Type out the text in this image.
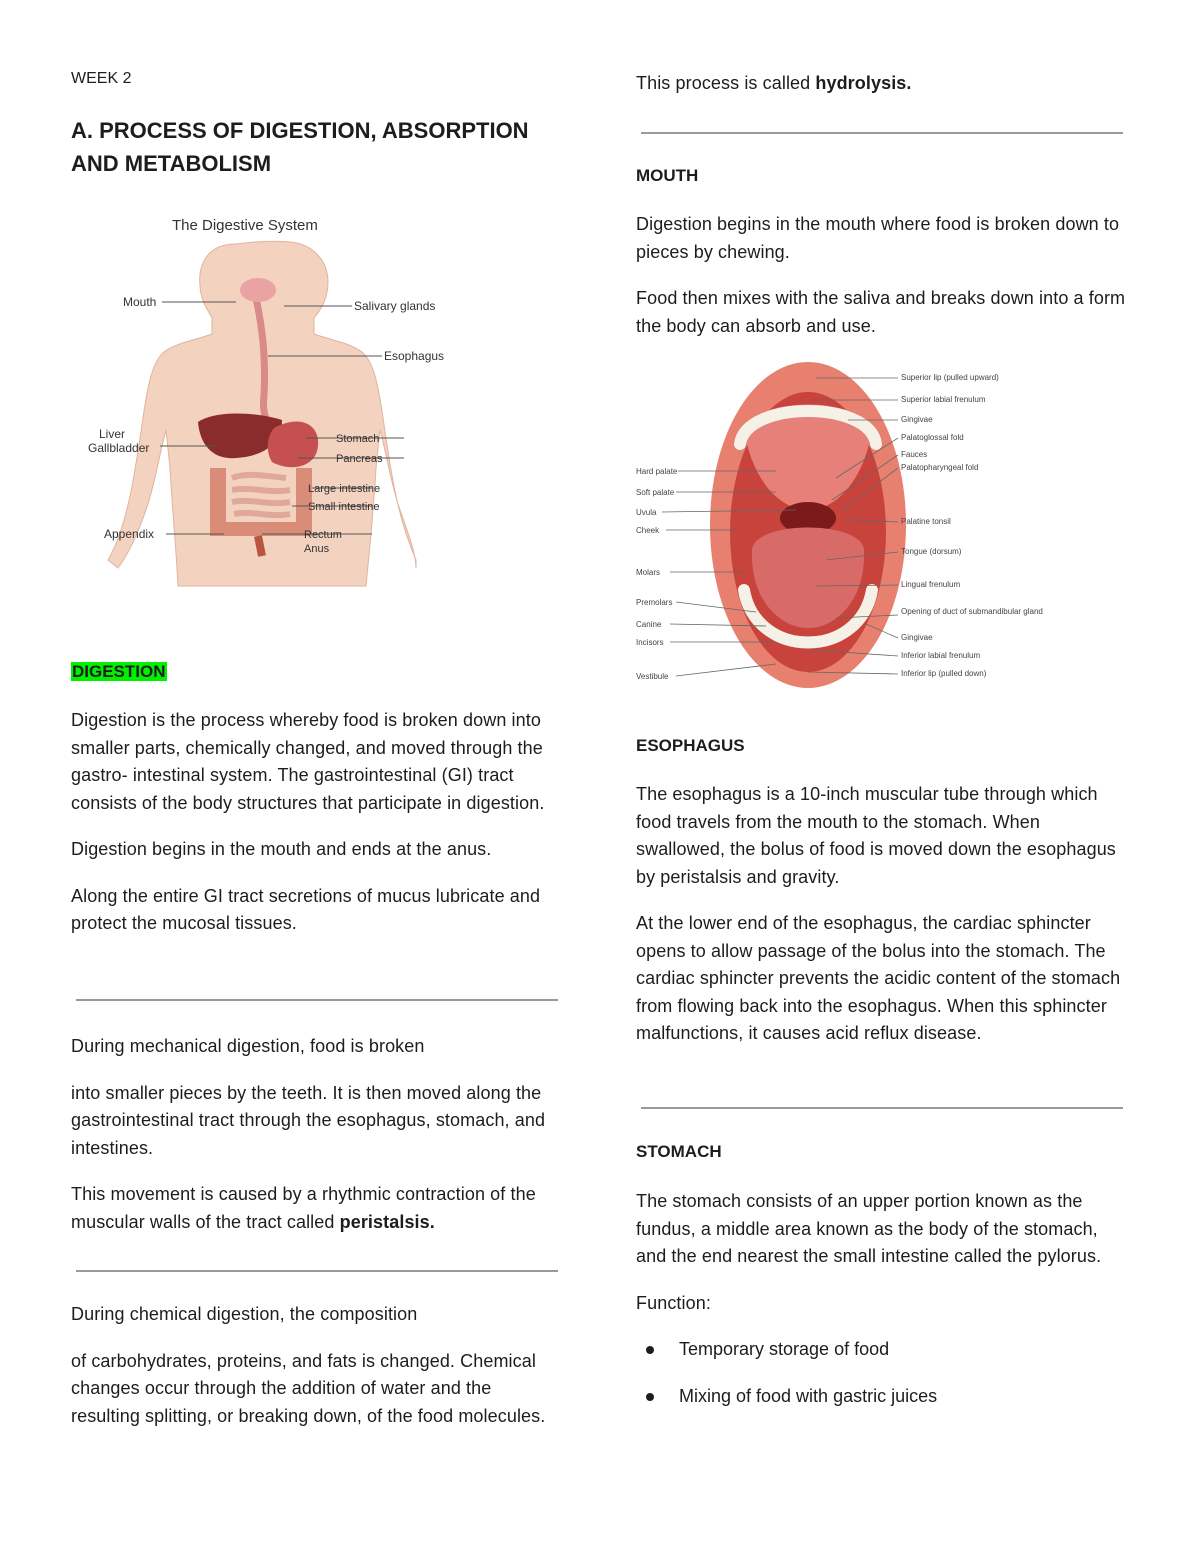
WEEK 2
A. PROCESS OF DIGESTION, ABSORPTION AND METABOLISM
The Digestive System
Mouth	Salivary glands
Esophagus
Liver
Gallbladder
Stomach
Pancreas
Large intestine
Small intestine
Appendix	Rectum
Anus
DIGESTION

Digestion is the process whereby food is broken down into smaller parts, chemically changed, and moved through the gastro- intestinal system. The gastrointestinal (GI) tract consists of the body structures that participate in digestion.

Digestion begins in the mouth and ends at the anus.

Along the entire GI tract secretions of mucus lubricate and protect the mucosal tissues.

During mechanical digestion, food is broken

into smaller pieces by the teeth. It is then moved along the gastrointestinal tract through the esophagus, stomach, and intestines.

This movement is caused by a rhythmic contraction of the muscular walls of the tract called peristalsis.

During chemical digestion, the composition

of carbohydrates, proteins, and fats is changed. Chemical changes occur through the addition of water and the resulting splitting, or breaking down, of the food molecules.

This process is called hydrolysis.

MOUTH

Digestion begins in the mouth where food is broken down to pieces by chewing.

Food then mixes with the saliva and breaks down into a form the body can absorb and use.

Superior lip (pulled upward)
Superior labial frenulum
Gingivae
Palatoglossal fold
Fauces
Palatopharyngeal fold
Palatine tonsil
Tongue (dorsum)
Lingual frenulum
Opening of duct of submandibular gland
Gingivae
Inferior labial frenulum
Inferior lip (pulled down)
Hard palate
Soft palate
Uvula
Cheek
Molars
Premolars
Canine
Incisors
Vestibule
ESOPHAGUS

The esophagus is a 10-inch muscular tube through which food travels from the mouth to the stomach. When swallowed, the bolus of food is moved down the esophagus by peristalsis and gravity.

At the lower end of the esophagus, the cardiac sphincter opens to allow passage of the bolus into the stomach. The cardiac sphincter prevents the acidic content of the stomach from flowing back into the esophagus. When this sphincter malfunctions, it causes acid reflux disease.

STOMACH

The stomach consists of an upper portion known as the fundus, a middle area known as the body of the stomach, and the end nearest the small intestine called the pylorus.

Function:

Temporary storage of food
Mixing of food with gastric juices
